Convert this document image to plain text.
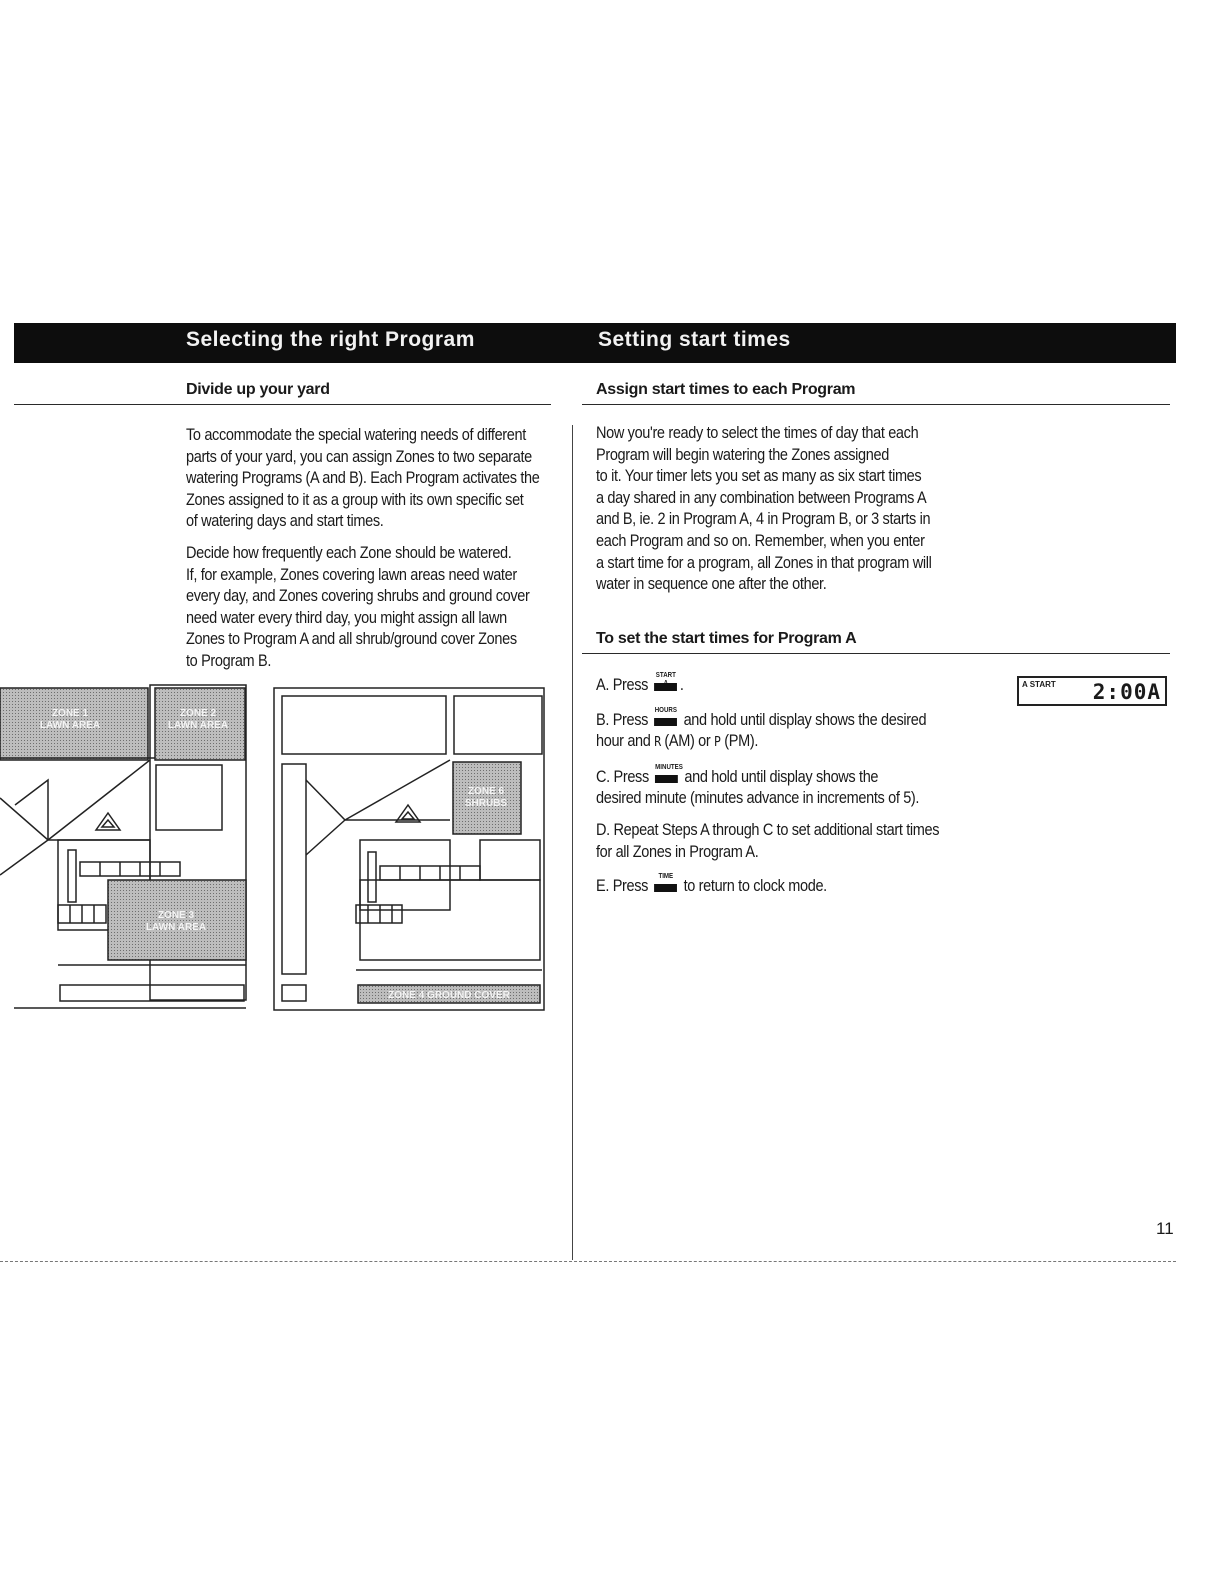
Selecting the right Program	Setting start times
Divide up your yard

To accommodate the special watering needs of different

parts of your yard, you can assign Zones to two separate

watering Programs (A and B). Each Program activates the

Zones assigned to it as a group with its own specific set

of watering days and start times.

Decide how frequently each Zone should be watered.

If, for example, Zones covering lawn areas need water

every day, and Zones covering shrubs and ground cover

need water every third day, you might assign all lawn

Zones to Program A and all shrub/ground cover Zones

to Program B.

ZONE 1
LAWN AREA
ZONE 2
LAWN AREA
ZONE 3
LAWN AREA
ZONE 6
SHRUBS
ZONE 4 GROUND COVER
Assign start times to each Program

Now you're ready to select the times of day that each

Program will begin watering the Zones assigned

to it. Your timer lets you set as many as six start times

a day shared in any combination between Programs A

and B, ie. 2 in Program A, 4 in Program B, or 3 starts in

each Program and so on. Remember, when you enter

a start time for a program, all Zones in that program will

water in sequence one after the other.

To set the start times for Program A

A. Press
START
.

B. Press
HOURS
and hold until display shows the desired

hour and R (AM) or P (PM).

C. Press
MINUTES
and hold until display shows the

desired minute (minutes advance in increments of 5).

D. Repeat Steps A through C to set additional start times

for all Zones in Program A.

E. Press
TIME
to return to clock mode.

A START 2:00A
11
